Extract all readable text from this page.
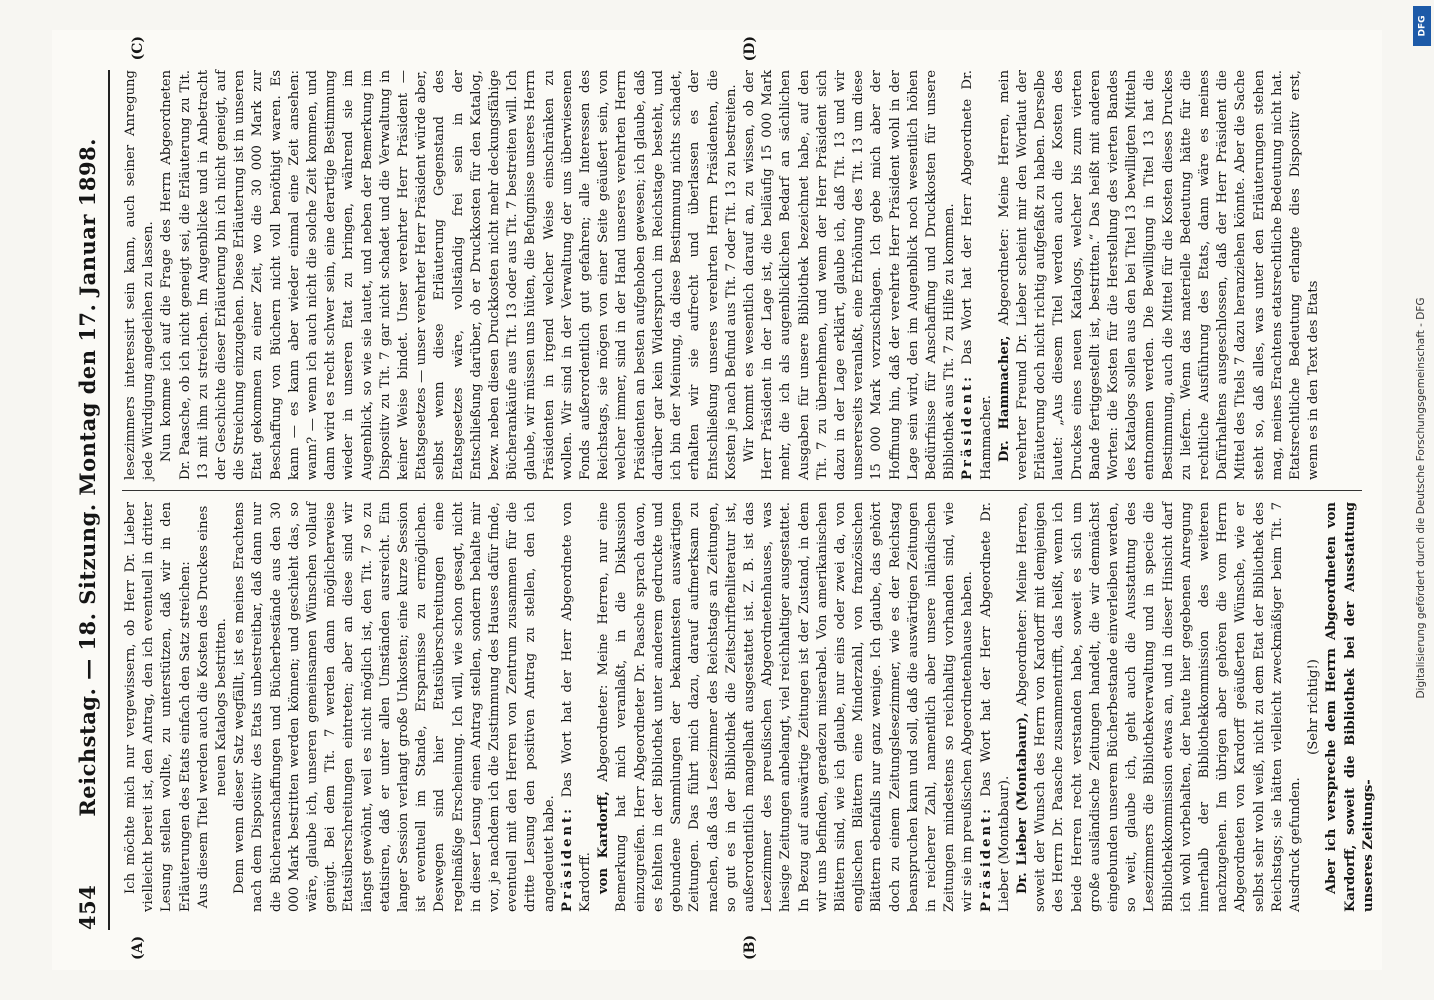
454
Reichstag. — 18. Sitzung. Montag den 17. Januar 1898.
(A)	(B)
(C)	(D)

Ich möchte mich nur vergewissern, ob Herr Dr. Lieber vielleicht bereit ist, den Antrag, den ich eventuell in dritter Lesung stellen wollte, zu unterstützen, daß wir in den Erläuterungen des Etats einfach den Satz streichen: Aus diesem Titel werden auch die Kosten des Druckes eines neuen Katalogs bestritten. Denn wenn dieser Satz wegfällt, ist es meines Erachtens nach dem Dispositiv des Etats unbestreitbar, daß dann nur die Bücheranschaffungen und Bücherbestände aus den 30 000 Mark bestritten werden können; und geschieht das, so wäre, glaube ich, unseren gemeinsamen Wünschen vollauf genügt. Bei dem Tit. 7 werden dann möglicherweise Etatsüberschreitungen eintreten; aber an diese sind wir längst gewöhnt, weil es nicht möglich ist, den Tit. 7 so zu etatisiren, daß er unter allen Umständen ausreicht. Ein langer Session verlangt große Unkosten; eine kurze Session ist eventuell im Stande, Ersparnisse zu ermöglichen. Deswegen sind hier Etatsüberschreitungen eine regelmäßige Erscheinung. Ich will, wie schon gesagt, nicht in dieser Lesung einen Antrag stellen, sondern behalte mir vor, je nachdem ich die Zustimmung des Hauses dafür finde, eventuell mit den Herren von Zentrum zusammen für die dritte Lesung den positiven Antrag zu stellen, den ich angedeutet habe. Präsident: Das Wort hat der Herr Abgeordnete von Kardorff. von Kardorff, Abgeordneter: Meine Herren, nur eine Bemerkung hat mich veranlaßt, in die Diskussion einzugreifen. Herr Abgeordneter Dr. Paasche sprach davon, es fehlten in der Bibliothek unter anderem gedruckte und gebundene Sammlungen der bekanntesten auswärtigen Zeitungen. Das führt mich dazu, darauf aufmerksam zu machen, daß das Lesezimmer des Reichstags an Zeitungen, so gut es in der Bibliothek die Zeitschriftenliteratur ist, außerordentlich mangelhaft ausgestattet ist. Z. B. ist das Lesezimmer des preußischen Abgeordnetenhauses, was hiesige Zeitungen anbelangt, viel reichhaltiger ausgestattet. In Bezug auf auswärtige Zeitungen ist der Zustand, in dem wir uns befinden, geradezu miserabel. Von amerikanischen Blättern sind, wie ich glaube, nur eins oder zwei da, von englischen Blättern eine Minderzahl, von französischen Blättern ebenfalls nur ganz wenige. Ich glaube, das gehört doch zu einem Zeitungslesezimmer, wie es der Reichstag beanspruchen kann und soll, daß die auswärtigen Zeitungen in reicherer Zahl, namentlich aber unsere inländischen Zeitungen mindestens so reichhaltig vorhanden sind, wie wir sie im preußischen Abgeordnetenhause haben. Präsident: Das Wort hat der Herr Abgeordnete Dr. Lieber (Montabaur). Dr. Lieber (Montabaur), Abgeordneter: Meine Herren, soweit der Wunsch des Herrn von Kardorff mit demjenigen des Herrn Dr. Paasche zusammentrifft, das heißt, wenn ich beide Herren recht verstanden habe, soweit es sich um große ausländische Zeitungen handelt, die wir demnächst eingebunden unserem Bücherbestande einverleiben werden, so weit, glaube ich, geht auch die Ausstattung des Lesezimmers die Bibliothekverwaltung und in specie die Bibliothekkommission etwas an, und in dieser Hinsicht darf ich wohl vorbehalten, der heute hier gegebenen Anregung innerhalb der Bibliothekkommission des weiteren nachzugehen. Im übrigen aber gehören die vom Herrn Abgeordneten von Kardorff geäußerten Wünsche, wie er selbst sehr wohl weiß, nicht zu dem Etat der Bibliothek des Reichstags; sie hätten vielleicht zweckmäßiger beim Tit. 7 Ausdruck gefunden.

(Sehr richtig!) Aber ich verspreche dem Herrn Abgeordneten von Kardorff, soweit die Bibliothek bei der Ausstattung unseres Zeitungs-

lesezimmers interessirt sein kann, auch seiner Anregung jede Würdigung angedeihen zu lassen. Nun komme ich auf die Frage des Herrn Abgeordneten Dr. Paasche, ob ich nicht geneigt sei, die Erläuterung zu Tit. 13 mit ihm zu streichen. Im Augenblicke und in Anbetracht der Geschichte dieser Erläuterung bin ich nicht geneigt, auf die Streichung einzugehen. Diese Erläuterung ist in unseren Etat gekommen zu einer Zeit, wo die 30 000 Mark zur Beschaffung von Büchern nicht voll benöthigt waren. Es kann — es kann aber wieder einmal eine Zeit ansehen: wann? — wenn ich auch nicht die solche Zeit kommen, und dann wird es recht schwer sein, eine derartige Bestimmung wieder in unseren Etat zu bringen, während sie im Augenblick, so wie sie lautet, und neben der Bemerkung im Dispositiv zu Tit. 7 gar nicht schadet und die Verwaltung in keiner Weise bindet. Unser verehrter Herr Präsident — Etatsgesetzes — unser verehrter Herr Präsident würde aber, selbst wenn diese Erläuterung Gegenstand des Etatsgesetzes wäre, vollständig frei sein in der Entschließung darüber, ob er Druckkosten für den Katalog, bezw. neben diesen Druckkosten nicht mehr deckungsfähige Bücherankäufe aus Tit. 13 oder aus Tit. 7 bestreiten will. Ich glaube, wir müssen uns hüten, die Befugnisse unseres Herrn Präsidenten in irgend welcher Weise einschränken zu wollen. Wir sind in der Verwaltung der uns überwiesenen Fonds außerordentlich gut gefahren; alle Interessen des Reichstags, sie mögen von einer Seite geäußert sein, von welcher immer, sind in der Hand unseres verehrten Herrn Präsidenten an besten aufgehoben gewesen; ich glaube, daß darüber gar kein Widerspruch im Reichstage besteht, und ich bin der Meinung, da diese Bestimmung nichts schadet, erhalten wir sie aufrecht und überlassen es der Entschließung unseres verehrten Herrn Präsidenten, die Kosten je nach Befund aus Tit. 7 oder Tit. 13 zu bestreiten. Wir kommt es wesentlich darauf an, zu wissen, ob der Herr Präsident in der Lage ist, die beiläufig 15 000 Mark mehr, die ich als augenblicklichen Bedarf an sächlichen Ausgaben für unsere Bibliothek bezeichnet habe, auf den Tit. 7 zu übernehmen, und wenn der Herr Präsident sich dazu in der Lage erklärt, glaube ich, daß Tit. 13 und wir unsererseits veranlaßt, eine Erhöhung des Tit. 13 um diese 15 000 Mark vorzuschlagen. Ich gebe mich aber der Hoffnung hin, daß der verehrte Herr Präsident wohl in der Lage sein wird, den im Augenblick noch wesentlich höhen Bedürfnisse für Anschaffung und Druckkosten für unsere Bibliothek aus Tit. 7 zu Hilfe zu kommen. Präsident: Das Wort hat der Herr Abgeordnete Dr. Hammacher. Dr. Hammacher, Abgeordneter: Meine Herren, mein verehrter Freund Dr. Lieber scheint mir den Wortlaut der Erläuterung doch nicht richtig aufgefaßt zu haben. Derselbe lautet: „Aus diesem Titel werden auch die Kosten des Druckes eines neuen Katalogs, welcher bis zum vierten Bande fertiggestellt ist, bestritten.“ Das heißt mit anderen Worten: die Kosten für die Herstellung des vierten Bandes des Katalogs sollen aus den bei Titel 13 bewilligten Mitteln entnommen werden. Die Bewilligung in Titel 13 hat die Bestimmung, auch die Mittel für die Kosten dieses Druckes zu liefern. Wenn das materielle Bedeutung hätte für die rechtliche Ausführung des Etats, dann wäre es meines Dafürhaltens ausgeschlossen, daß der Herr Präsident die Mittel des Titels 7 dazu heranziehen könnte. Aber die Sache steht so, daß alles, was unter den Erläuterungen stehen mag, meines Erachtens etatsrechtliche Bedeutung nicht hat. Etatsrechtliche Bedeutung erlangte dies Dispositiv erst, wenn es in den Text des Etats

DFG
Digitalisierung gefördert durch die Deutsche Forschungsgemeinschaft - DFG
